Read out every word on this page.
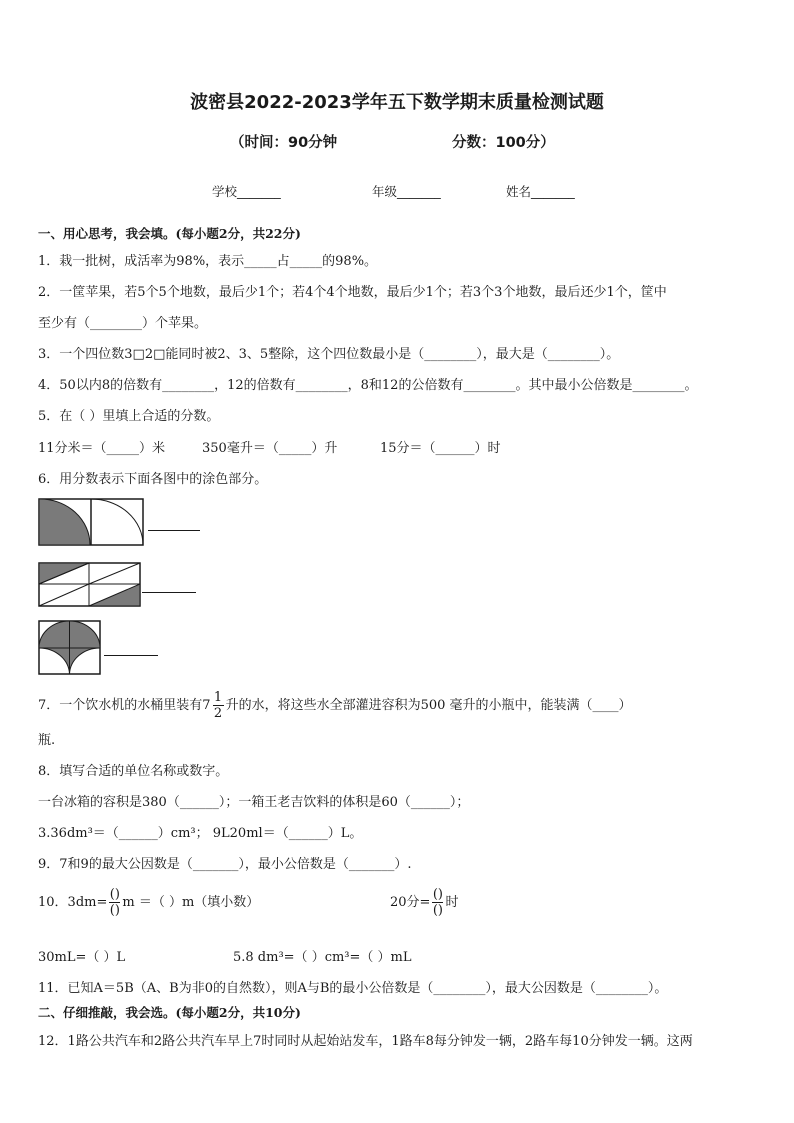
波密县2022-2023学年五下数学期末质量检测试题
（时间：90分钟	分数：100分）
学校_______	年级_______	姓名_______
一、用心思考，我会填。(每小题2分，共22分)
1．栽一批树，成活率为98%，表示_____占_____的98%。
2．一筐苹果，若5个5个地数，最后少1个；若4个4个地数，最后少1个；若3个3个地数，最后还少1个，筐中
至少有（________）个苹果。
3．一个四位数3□2□能同时被2、3、5整除，这个四位数最小是（________），最大是（________）。
4．50以内8的倍数有________，12的倍数有________，8和12的公倍数有________。其中最小公倍数是________。
5．在（ ）里填上合适的分数。
11分米＝（_____）米	350毫升＝（_____）升	15分＝（______）时
6．用分数表示下面各图中的涂色部分。
7．一个饮水机的水桶里装有$7 \frac{1}{2}$ 升的水，将这些水全部灌进容积为500 毫升的小瓶中，能装满（____）
瓶.
8．填写合适的单位名称或数字。
一台冰箱的容积是380（______）；一箱王老吉饮料的体积是60（______）；
3.36dm³＝（______）cm³； 9L20ml＝（______）L。
9．7和9的最大公因数是（_______），最小公倍数是（_______）.
10．$3dm= \frac{()}{()}$ m ＝（ ）m（填小数）	20分= $\frac{()}{()}$ 时
30mL=（ ）L	5.8 dm³=（ ）cm³=（ ）mL
11．已知A＝5B（A、B为非0的自然数），则A与B的最小公倍数是（________），最大公因数是（________）。
二、仔细推敲，我会选。(每小题2分，共10分)
12．1路公共汽车和2路公共汽车早上7时同时从起始站发车，1路车8每分钟发一辆，2路车每10分钟发一辆。这两
